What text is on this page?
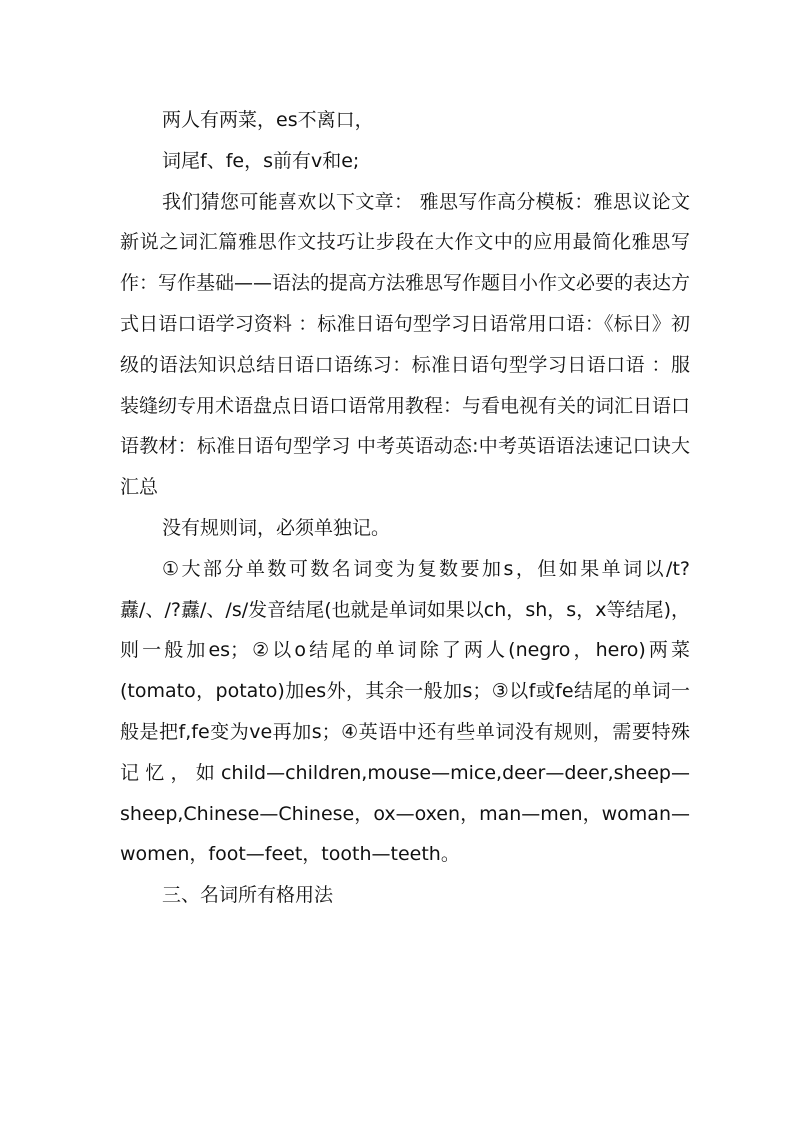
两人有两菜，es不离口，

词尾f、fe，s前有v和e;

我们猜您可能喜欢以下文章： 雅思写作高分模板：雅思议论文新说之词汇篇雅思作文技巧让步段在大作文中的应用最简化雅思写作：写作基础——语法的提高方法雅思写作题目小作文必要的表达方式日语口语学习资料 ：标准日语句型学习日语常用口语：《标日》初级的语法知识总结日语口语练习：标准日语句型学习日语口语 ：服装缝纫专用术语盘点日语口语常用教程：与看电视有关的词汇日语口语教材：标准日语句型学习 中考英语动态:中考英语语法速记口诀大汇总

没有规则词，必须单独记。

①大部分单数可数名词变为复数要加s，但如果单词以/t?纛/、/?纛/、/s/发音结尾(也就是单词如果以ch，sh，s，x等结尾)，则一般加es；②以o结尾的单词除了两人(negro，hero)两菜(tomato，potato)加es外，其余一般加s；③以f或fe结尾的单词一般是把f,fe变为ve再加s；④英语中还有些单词没有规则，需要特殊记忆，如child—children,mouse—mice,deer—deer,sheep—sheep,Chinese—Chinese，ox—oxen，man—men，woman—women，foot—feet，tooth—teeth。

三、名词所有格用法
